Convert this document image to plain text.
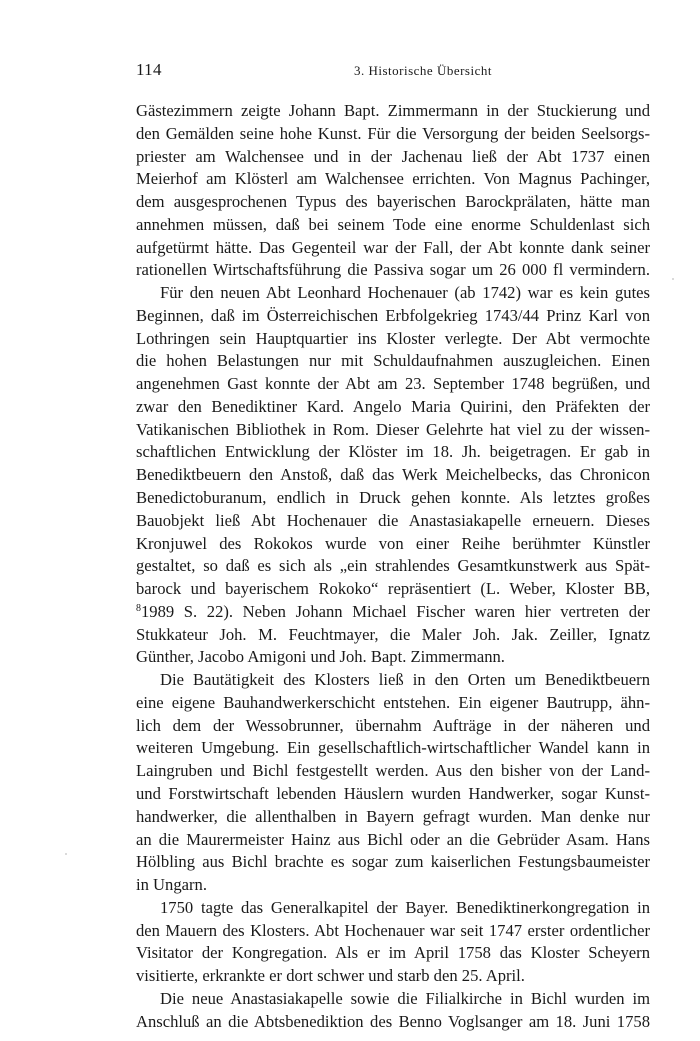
114	3. Historische Übersicht
Gästezimmern zeigte Johann Bapt. Zimmermann in der Stuckierung und
den Gemälden seine hohe Kunst. Für die Versorgung der beiden Seelsorgs-
priester am Walchensee und in der Jachenau ließ der Abt 1737 einen
Meierhof am Klösterl am Walchensee errichten. Von Magnus Pachinger,
dem ausgesprochenen Typus des bayerischen Barockprälaten, hätte man
annehmen müssen, daß bei seinem Tode eine enorme Schuldenlast sich
aufgetürmt hätte. Das Gegenteil war der Fall, der Abt konnte dank seiner
rationellen Wirtschaftsführung die Passiva sogar um 26 000 fl vermindern.
Für den neuen Abt Leonhard Hochenauer (ab 1742) war es kein gutes
Beginnen, daß im Österreichischen Erbfolgekrieg 1743/44 Prinz Karl von
Lothringen sein Hauptquartier ins Kloster verlegte. Der Abt vermochte
die hohen Belastungen nur mit Schuldaufnahmen auszugleichen. Einen
angenehmen Gast konnte der Abt am 23. September 1748 begrüßen, und
zwar den Benediktiner Kard. Angelo Maria Quirini, den Präfekten der
Vatikanischen Bibliothek in Rom. Dieser Gelehrte hat viel zu der wissen-
schaftlichen Entwicklung der Klöster im 18. Jh. beigetragen. Er gab in
Benediktbeuern den Anstoß, daß das Werk Meichelbecks, das Chronicon
Benedictoburanum, endlich in Druck gehen konnte. Als letztes großes
Bauobjekt ließ Abt Hochenauer die Anastasiakapelle erneuern. Dieses
Kronjuwel des Rokokos wurde von einer Reihe berühmter Künstler
gestaltet, so daß es sich als „ein strahlendes Gesamtkunstwerk aus Spät-
barock und bayerischem Rokoko“ repräsentiert (L. Weber, Kloster BB,
$^8$1989 S. 22). Neben Johann Michael Fischer waren hier vertreten der
Stukkateur Joh. M. Feuchtmayer, die Maler Joh. Jak. Zeiller, Ignatz
Günther, Jacobo Amigoni und Joh. Bapt. Zimmermann.
Die Bautätigkeit des Klosters ließ in den Orten um Benediktbeuern
eine eigene Bauhandwerkerschicht entstehen. Ein eigener Bautrupp, ähn-
lich dem der Wessobrunner, übernahm Aufträge in der näheren und
weiteren Umgebung. Ein gesellschaftlich-wirtschaftlicher Wandel kann in
Laingruben und Bichl festgestellt werden. Aus den bisher von der Land-
und Forstwirtschaft lebenden Häuslern wurden Handwerker, sogar Kunst-
handwerker, die allenthalben in Bayern gefragt wurden. Man denke nur
an die Maurermeister Hainz aus Bichl oder an die Gebrüder Asam. Hans
Hölbling aus Bichl brachte es sogar zum kaiserlichen Festungsbaumeister
in Ungarn.
1750 tagte das Generalkapitel der Bayer. Benediktinerkongregation in
den Mauern des Klosters. Abt Hochenauer war seit 1747 erster ordentlicher
Visitator der Kongregation. Als er im April 1758 das Kloster Scheyern
visitierte, erkrankte er dort schwer und starb den 25. April.
Die neue Anastasiakapelle sowie die Filialkirche in Bichl wurden im
Anschluß an die Abtsbenediktion des Benno Voglsanger am 18. Juni 1758
